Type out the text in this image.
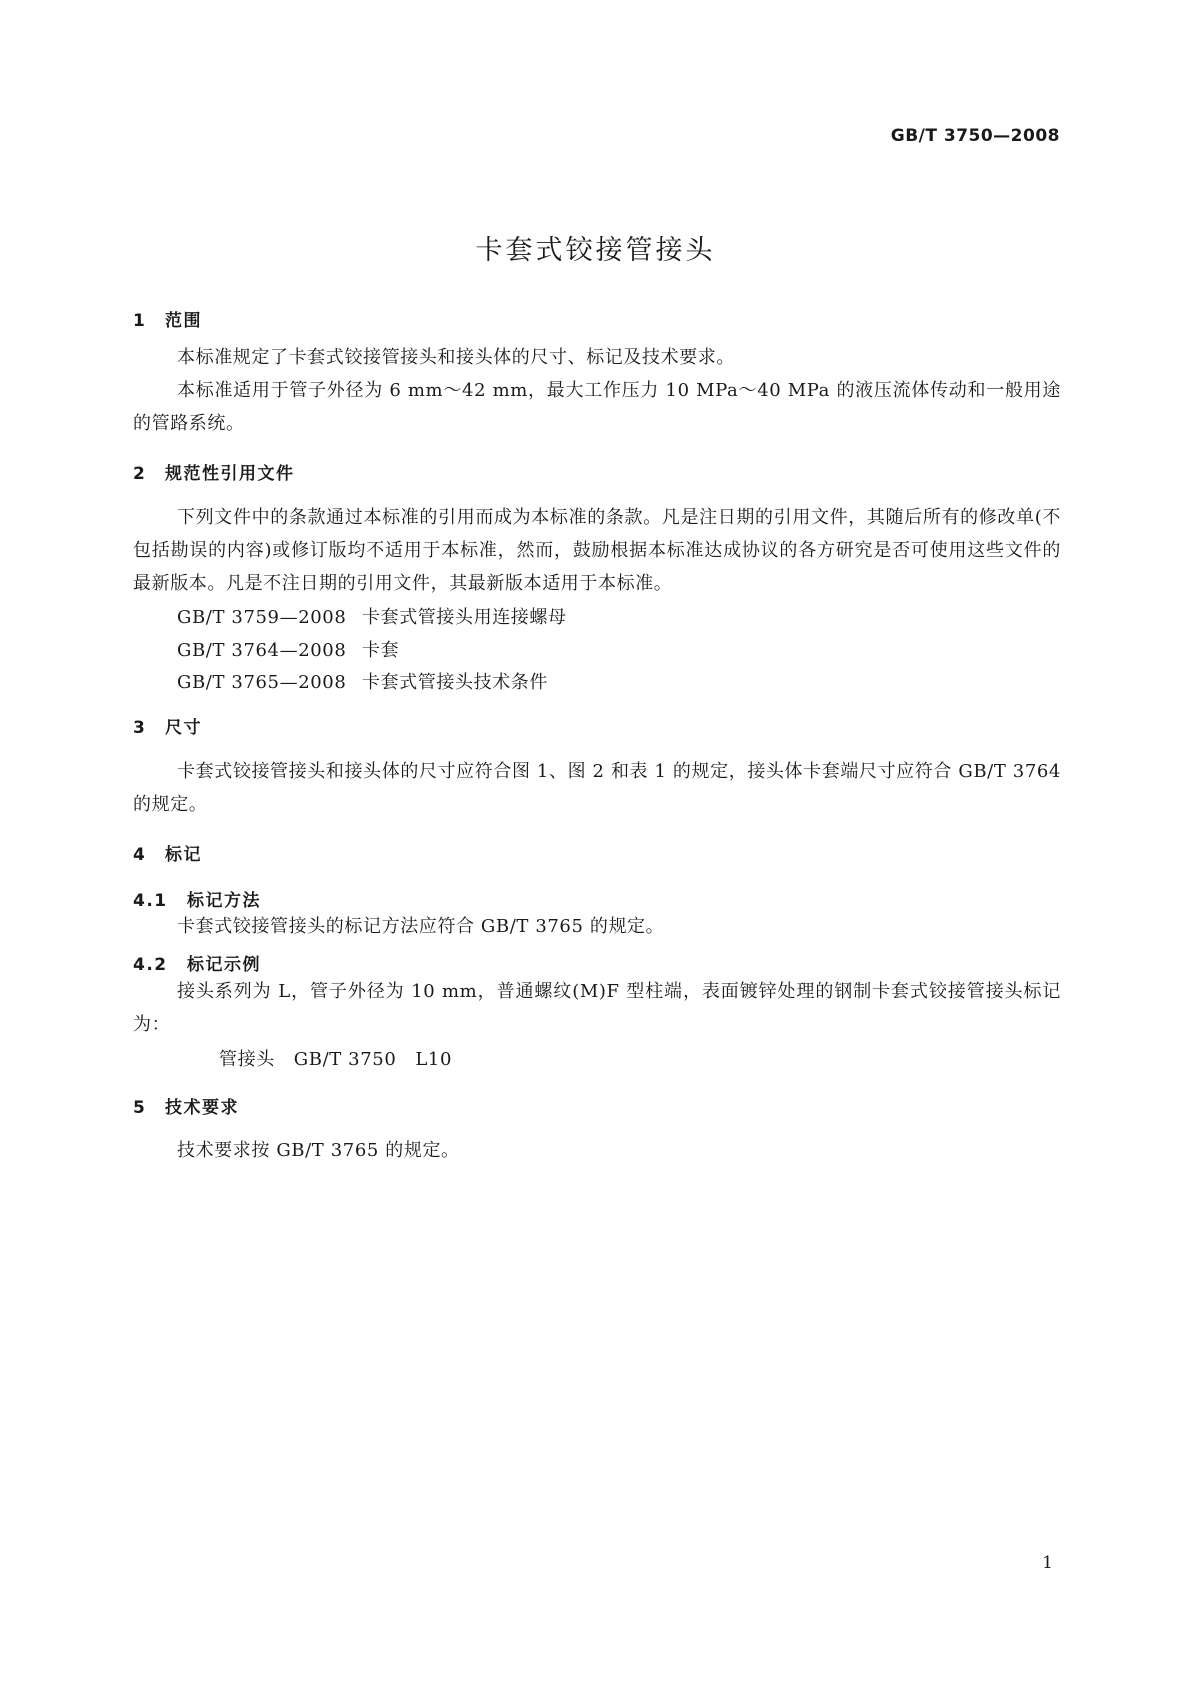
GB/T 3750—2008
卡套式铰接管接头
1 范围
本标准规定了卡套式铰接管接头和接头体的尺寸、标记及技术要求。
本标准适用于管子外径为 6 mm～42 mm，最大工作压力 10 MPa～40 MPa 的液压流体传动和一般用途的管路系统。
2 规范性引用文件
下列文件中的条款通过本标准的引用而成为本标准的条款。凡是注日期的引用文件，其随后所有的修改单(不包括勘误的内容)或修订版均不适用于本标准，然而，鼓励根据本标准达成协议的各方研究是否可使用这些文件的最新版本。凡是不注日期的引用文件，其最新版本适用于本标准。
GB/T 3759—2008 卡套式管接头用连接螺母
GB/T 3764—2008 卡套
GB/T 3765—2008 卡套式管接头技术条件
3 尺寸
卡套式铰接管接头和接头体的尺寸应符合图 1、图 2 和表 1 的规定，接头体卡套端尺寸应符合 GB/T 3764的规定。
4 标记
4.1 标记方法
卡套式铰接管接头的标记方法应符合 GB/T 3765 的规定。
4.2 标记示例
接头系列为 L，管子外径为 10 mm，普通螺纹(M)F 型柱端，表面镀锌处理的钢制卡套式铰接管接头标记为：
管接头   GB/T 3750   L10
5 技术要求
技术要求按 GB/T 3765 的规定。
1
